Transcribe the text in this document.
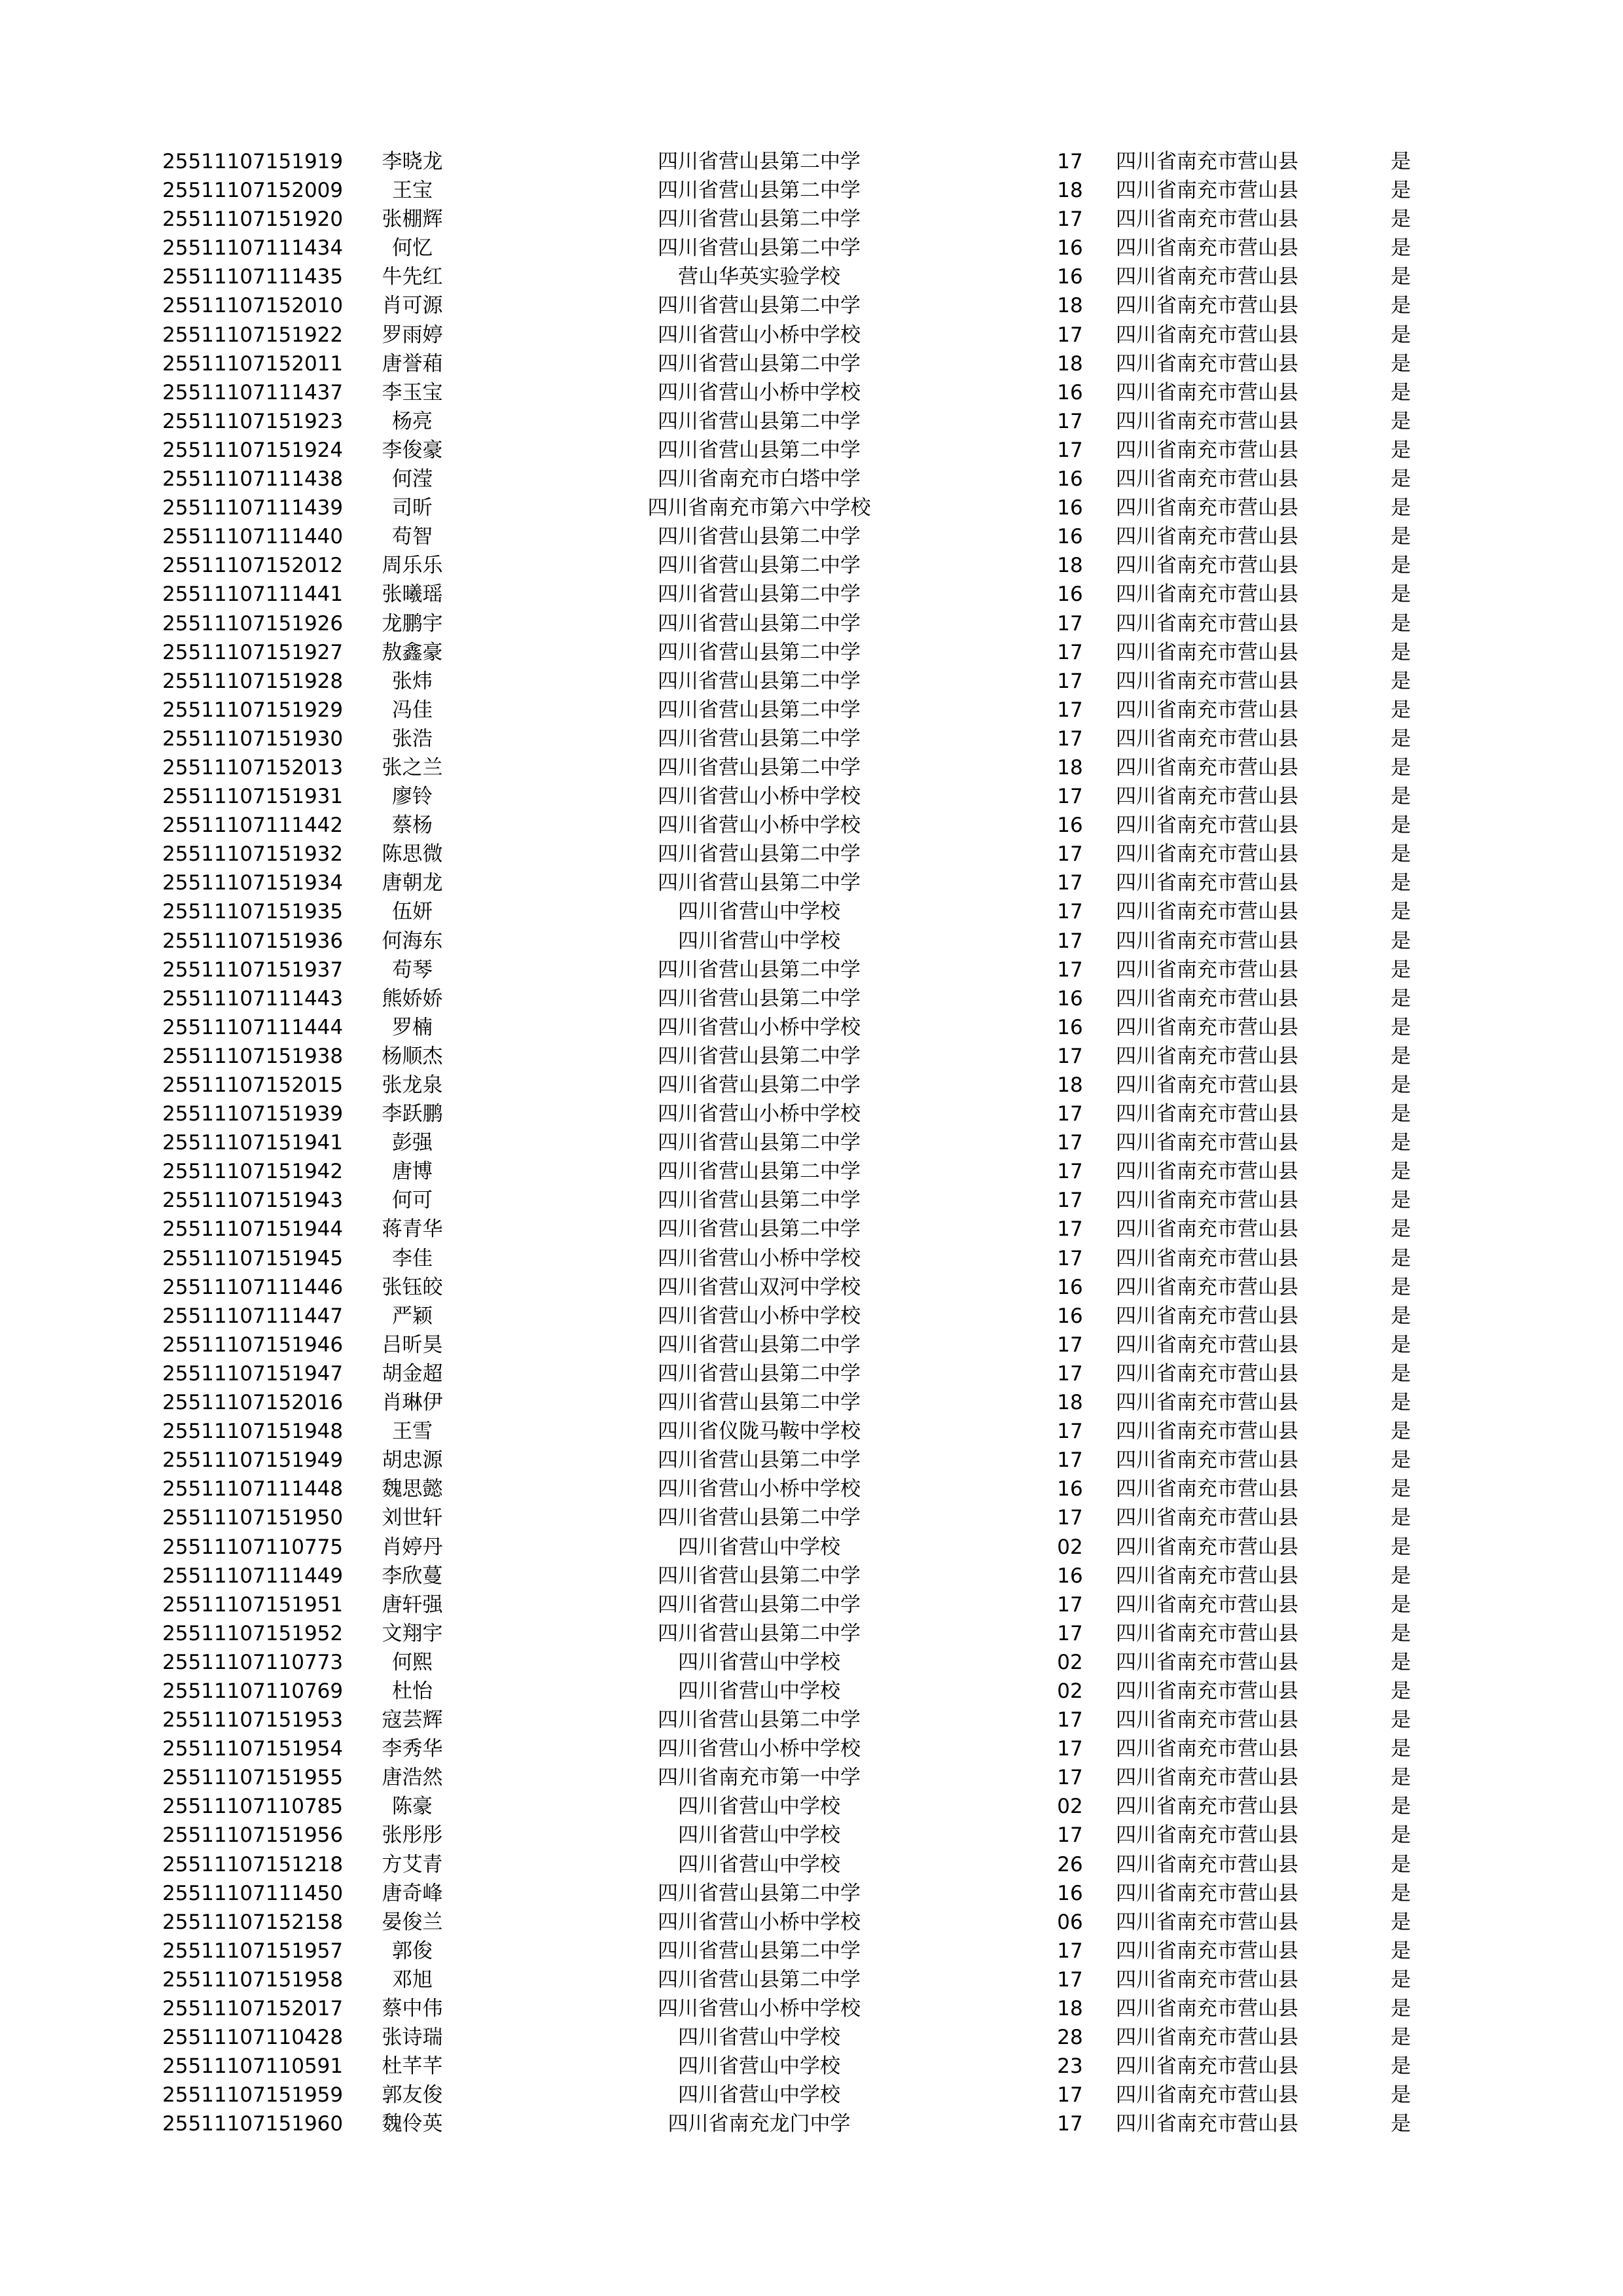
25511107151919	李晓龙	四川省营山县第二中学	17	四川省南充市营山县	是
25511107152009	王宝	四川省营山县第二中学	18	四川省南充市营山县	是
25511107151920	张棚辉	四川省营山县第二中学	17	四川省南充市营山县	是
25511107111434	何忆	四川省营山县第二中学	16	四川省南充市营山县	是
25511107111435	牛先红	营山华英实验学校	16	四川省南充市营山县	是
25511107152010	肖可源	四川省营山县第二中学	18	四川省南充市营山县	是
25511107151922	罗雨婷	四川省营山小桥中学校	17	四川省南充市营山县	是
25511107152011	唐誉葙	四川省营山县第二中学	18	四川省南充市营山县	是
25511107111437	李玉宝	四川省营山小桥中学校	16	四川省南充市营山县	是
25511107151923	杨亮	四川省营山县第二中学	17	四川省南充市营山县	是
25511107151924	李俊豪	四川省营山县第二中学	17	四川省南充市营山县	是
25511107111438	何滢	四川省南充市白塔中学	16	四川省南充市营山县	是
25511107111439	司昕	四川省南充市第六中学校	16	四川省南充市营山县	是
25511107111440	苟智	四川省营山县第二中学	16	四川省南充市营山县	是
25511107152012	周乐乐	四川省营山县第二中学	18	四川省南充市营山县	是
25511107111441	张曦瑶	四川省营山县第二中学	16	四川省南充市营山县	是
25511107151926	龙鹏宇	四川省营山县第二中学	17	四川省南充市营山县	是
25511107151927	敖鑫豪	四川省营山县第二中学	17	四川省南充市营山县	是
25511107151928	张炜	四川省营山县第二中学	17	四川省南充市营山县	是
25511107151929	冯佳	四川省营山县第二中学	17	四川省南充市营山县	是
25511107151930	张浩	四川省营山县第二中学	17	四川省南充市营山县	是
25511107152013	张之兰	四川省营山县第二中学	18	四川省南充市营山县	是
25511107151931	廖铃	四川省营山小桥中学校	17	四川省南充市营山县	是
25511107111442	蔡杨	四川省营山小桥中学校	16	四川省南充市营山县	是
25511107151932	陈思微	四川省营山县第二中学	17	四川省南充市营山县	是
25511107151934	唐朝龙	四川省营山县第二中学	17	四川省南充市营山县	是
25511107151935	伍妍	四川省营山中学校	17	四川省南充市营山县	是
25511107151936	何海东	四川省营山中学校	17	四川省南充市营山县	是
25511107151937	苟琴	四川省营山县第二中学	17	四川省南充市营山县	是
25511107111443	熊娇娇	四川省营山县第二中学	16	四川省南充市营山县	是
25511107111444	罗楠	四川省营山小桥中学校	16	四川省南充市营山县	是
25511107151938	杨顺杰	四川省营山县第二中学	17	四川省南充市营山县	是
25511107152015	张龙泉	四川省营山县第二中学	18	四川省南充市营山县	是
25511107151939	李跃鹏	四川省营山小桥中学校	17	四川省南充市营山县	是
25511107151941	彭强	四川省营山县第二中学	17	四川省南充市营山县	是
25511107151942	唐博	四川省营山县第二中学	17	四川省南充市营山县	是
25511107151943	何可	四川省营山县第二中学	17	四川省南充市营山县	是
25511107151944	蒋青华	四川省营山县第二中学	17	四川省南充市营山县	是
25511107151945	李佳	四川省营山小桥中学校	17	四川省南充市营山县	是
25511107111446	张钰皎	四川省营山双河中学校	16	四川省南充市营山县	是
25511107111447	严颖	四川省营山小桥中学校	16	四川省南充市营山县	是
25511107151946	吕昕昊	四川省营山县第二中学	17	四川省南充市营山县	是
25511107151947	胡金超	四川省营山县第二中学	17	四川省南充市营山县	是
25511107152016	肖琳伊	四川省营山县第二中学	18	四川省南充市营山县	是
25511107151948	王雪	四川省仪陇马鞍中学校	17	四川省南充市营山县	是
25511107151949	胡忠源	四川省营山县第二中学	17	四川省南充市营山县	是
25511107111448	魏思懿	四川省营山小桥中学校	16	四川省南充市营山县	是
25511107151950	刘世轩	四川省营山县第二中学	17	四川省南充市营山县	是
25511107110775	肖婷丹	四川省营山中学校	02	四川省南充市营山县	是
25511107111449	李欣蔓	四川省营山县第二中学	16	四川省南充市营山县	是
25511107151951	唐轩强	四川省营山县第二中学	17	四川省南充市营山县	是
25511107151952	文翔宇	四川省营山县第二中学	17	四川省南充市营山县	是
25511107110773	何熙	四川省营山中学校	02	四川省南充市营山县	是
25511107110769	杜怡	四川省营山中学校	02	四川省南充市营山县	是
25511107151953	寇芸辉	四川省营山县第二中学	17	四川省南充市营山县	是
25511107151954	李秀华	四川省营山小桥中学校	17	四川省南充市营山县	是
25511107151955	唐浩然	四川省南充市第一中学	17	四川省南充市营山县	是
25511107110785	陈豪	四川省营山中学校	02	四川省南充市营山县	是
25511107151956	张彤彤	四川省营山中学校	17	四川省南充市营山县	是
25511107151218	方艾青	四川省营山中学校	26	四川省南充市营山县	是
25511107111450	唐奇峰	四川省营山县第二中学	16	四川省南充市营山县	是
25511107152158	晏俊兰	四川省营山小桥中学校	06	四川省南充市营山县	是
25511107151957	郭俊	四川省营山县第二中学	17	四川省南充市营山县	是
25511107151958	邓旭	四川省营山县第二中学	17	四川省南充市营山县	是
25511107152017	蔡中伟	四川省营山小桥中学校	18	四川省南充市营山县	是
25511107110428	张诗瑞	四川省营山中学校	28	四川省南充市营山县	是
25511107110591	杜芊芊	四川省营山中学校	23	四川省南充市营山县	是
25511107151959	郭友俊	四川省营山中学校	17	四川省南充市营山县	是
25511107151960	魏伶英	四川省南充龙门中学	17	四川省南充市营山县	是
